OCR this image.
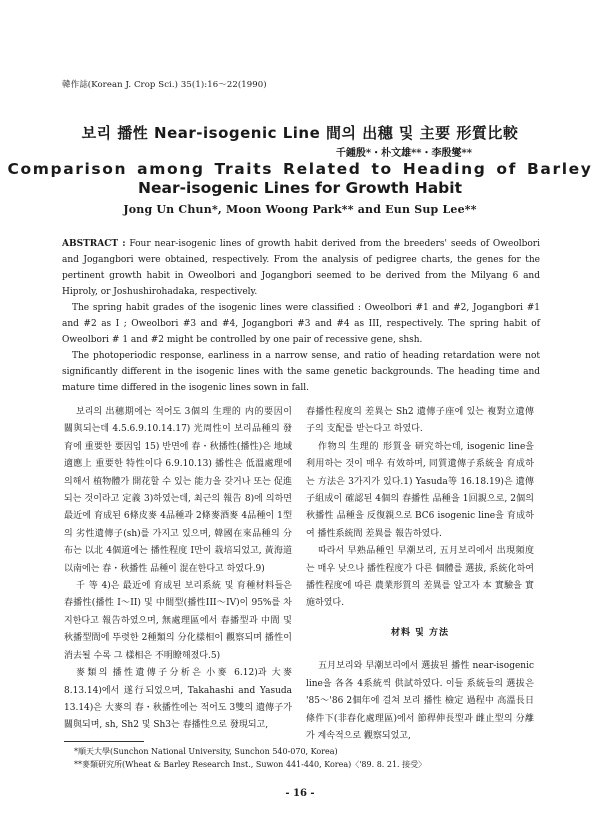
韓作誌(Korean J. Crop Sci.) 35(1):16～22(1990)
보리 播性 Near-isogenic Line 間의 出穗 및 主要 形質比較
千鍾殷*・朴文雄**・李殷燮**
Comparison among Traits Related to Heading of Barley
Near-isogenic Lines for Growth Habit
Jong Un Chun*, Moon Woong Park** and Eun Sup Lee**

ABSTRACT : Four near-isogenic lines of growth habit derived from the breeders' seeds of Oweolbori and Jogangbori were obtained, respectively. From the analysis of pedigree charts, the genes for the pertinent growth habit in Oweolbori and Jogangbori seemed to be derived from the Milyang 6 and Hiproly, or Joshushirohadaka, respectively.

The spring habit grades of the isogenic lines were classified : Oweolbori #1 and #2, Jogangbori #1 and #2 as I ; Oweolbori #3 and #4, Jogangbori #3 and #4 as III, respectively. The spring habit of Oweolbori # 1 and #2 might be controlled by one pair of recessive gene, shsh.

The photoperiodic response, earliness in a narrow sense, and ratio of heading retardation were not significantly different in the isogenic lines with the same genetic backgrounds. The heading time and mature time differed in the isogenic lines sown in fall.

보리의 出穗期에는 적어도 3個의 生理的 内的要因이 關與되는데 4.5.6.9.10.14.17) 光周性이 보리品種의 發育에 重要한 要因임 15) 반면에 春・秋播性(播性)은 地域適應上 重要한 特性이다 6.9.10.13) 播性은 低溫處理에 의해서 植物體가 開花할 수 있는 能力을 갖거나 또는 促進되는 것이라고 定義 3)하였는데, 최근의 報告 8)에 의하면 最近에 育成된 6條皮麥 4品種과 2條麥酒麥 4品種이 1型의 劣性遺傳子(sh)를 가지고 있으며, 韓國在來品種의 分布는 以北 4個道에는 播性程度 I만이 栽培되었고, 黃海道 以南에는 春・秋播性 品種이 混在한다고 하였다.9)

千 等 4)은 最近에 育成된 보리系統 및 育種材料들은 春播性(播性 I～II) 및 中間型(播性III～IV)이 95%를 차지한다고 報告하였으며, 無處理區에서 春播型과 中間 및 秋播型間에 뚜렷한 2種類의 分化樣相이 觀察되며 播性이 消去될 수록 그 樣相은 不明瞭해졌다.5)

麥類의 播性遺傳子分析은 小麥 6.12)과 大麥 8.13.14)에서 遂行되었으며, Takahashi and Yasuda 13.14)은 大麥의 春・秋播性에는 적어도 3雙의 遺傳子가 關與되며, sh, Sh2 및 Sh3는 春播性으로 發現되고,

春播性程度의 差異는 Sh2 遺傳子座에 있는 複對立遺傳子의 支配를 받는다고 하였다.

作物의 生理的 形質을 研究하는데, isogenic line을 利用하는 것이 매우 有效하며, 同質遺傳子系統을 育成하는 方法은 3가지가 있다.1) Yasuda等 16.18.19)은 遺傳子組成이 確認된 4個의 春播性 品種을 1回親으로, 2個의 秋播性 品種을 反復親으로 BC6 isogenic line을 育成하여 播性系統間 差異를 報告하였다.

따라서 早熟品種인 早潮보리, 五月보리에서 出現頻度는 매우 낮으나 播性程度가 다른 個體를 選拔, 系統化하여 播性程度에 따른 農業形質의 差異를 알고자 本 實驗을 實施하였다.

材料 및 方法

五月보리와 早潮보리에서 選拔된 播性 near-isogenic line을 各各 4系統씩 供試하였다. 이들 系統들의 選拔은 '85～'86 2個年에 걸쳐 보리 播性 檢定 過程中 高溫長日條件下(非春化處理區)에서 節稈伸長型과 雌止型의 分離가 계속적으로 觀察되었고,

*順天大學(Sunchon National University, Sunchon 540-070, Korea)
**麥類研究所(Wheat & Barley Research Inst., Suwon 441-440, Korea)〈'89. 8. 21. 接受〉
- 16 -
